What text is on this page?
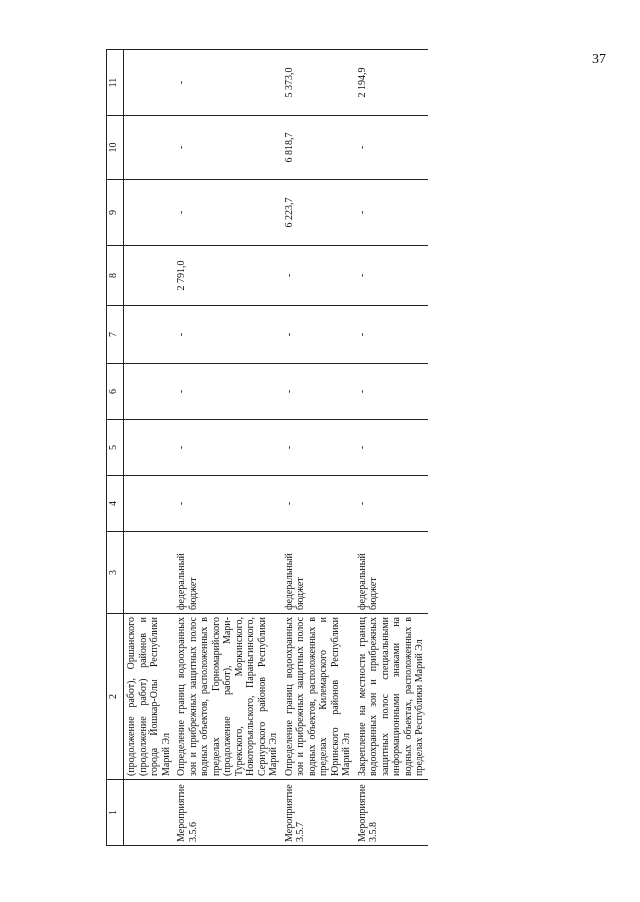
37
1	2	3	4	5	6	7	8	9	10	11
	(продолжение работ), Оршанского (продолжение работ) районов и города Йошкар-Олы Республики Марий Эл									
Мероприятие 3.5.6	Определение границ водоохранных зон и прибрежных защитных полос водных объектов, расположенных в пределах Горномарийского (продолжение работ), Мари-Турекского, Моркинского, Новоторъяльского, Параньгинского, Сернурского районов Республики Марий Эл	федеральный бюджет	-	-	-	-	2 791,0	-	-	-
Мероприятие 3.5.7	Определение границ водоохранных зон и прибрежных защитных полос водных объектов, расположенных в пределах Килемарского и Юринского районов Республики Марий Эл	федеральный бюджет	-	-	-	-	-	6 223,7	6 818,7	5 373,0
Мероприятие 3.5.8	Закрепление на местности границ водоохранных зон и прибрежных защитных полос специальными информационными знаками на водных объектах, расположенных в пределах Республики Марий Эл	федеральный бюджет	-	-	-	-	-	-	-	2 194,9
